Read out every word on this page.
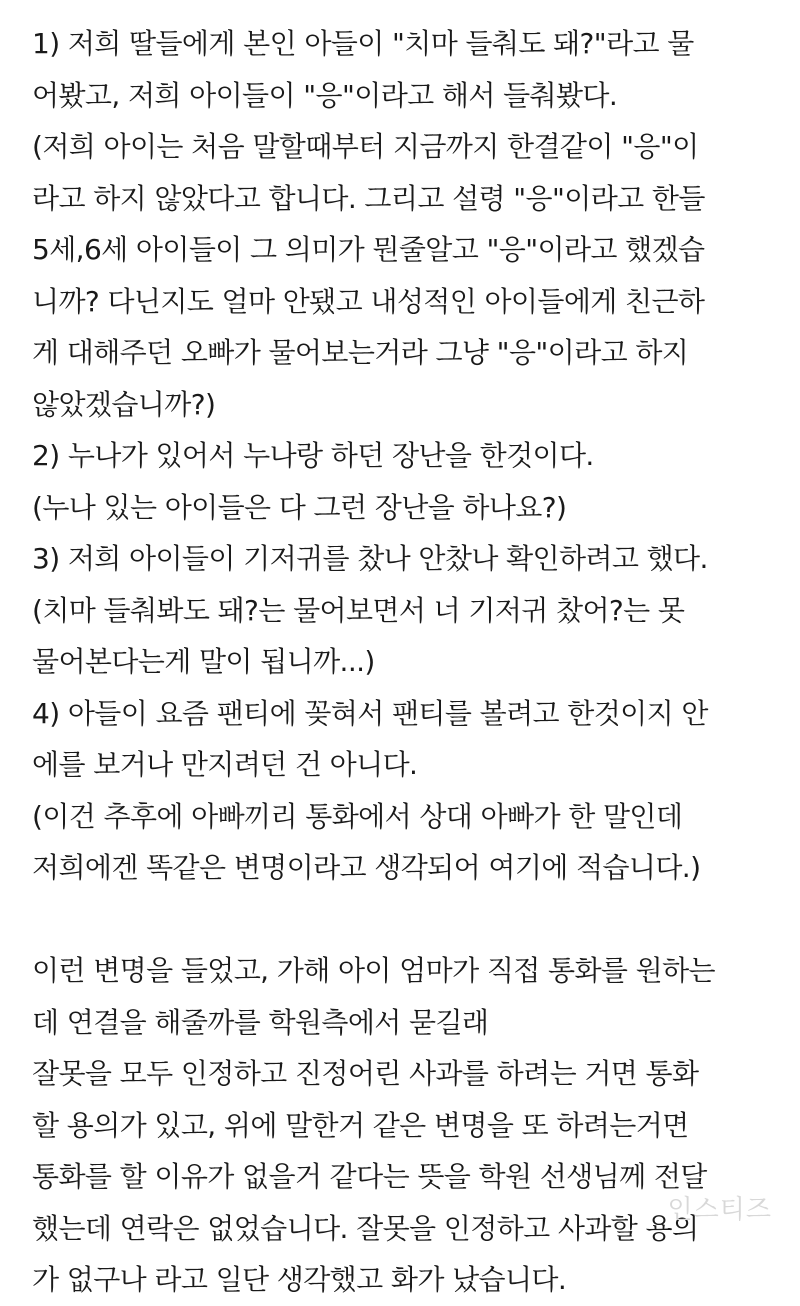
1) 저희 딸들에게 본인 아들이 "치마 들춰도 돼?"라고 물
어봤고, 저희 아이들이 "응"이라고 해서 들춰봤다.
(저희 아이는 처음 말할때부터 지금까지 한결같이 "응"이
라고 하지 않았다고 합니다. 그리고 설령 "응"이라고 한들
5세,6세 아이들이 그 의미가 뭔줄알고 "응"이라고 했겠습
니까? 다닌지도 얼마 안됐고 내성적인 아이들에게 친근하
게 대해주던 오빠가 물어보는거라 그냥 "응"이라고 하지
않았겠습니까?)
2) 누나가 있어서 누나랑 하던 장난을 한것이다.
(누나 있는 아이들은 다 그런 장난을 하나요?)
3) 저희 아이들이 기저귀를 찼나 안찼나 확인하려고 했다.
(치마 들춰봐도 돼?는 물어보면서 너 기저귀 찼어?는 못
물어본다는게 말이 됩니까...)
4) 아들이 요즘 팬티에 꽂혀서 팬티를 볼려고 한것이지 안
에를 보거나 만지려던 건 아니다.
(이건 추후에 아빠끼리 통화에서 상대 아빠가 한 말인데
저희에겐 똑같은 변명이라고 생각되어 여기에 적습니다.)
이런 변명을 들었고, 가해 아이 엄마가 직접 통화를 원하는
데 연결을 해줄까를 학원측에서 묻길래
잘못을 모두 인정하고 진정어린 사과를 하려는 거면 통화
할 용의가 있고, 위에 말한거 같은 변명을 또 하려는거면
통화를 할 이유가 없을거 같다는 뜻을 학원 선생님께 전달
했는데 연락은 없었습니다. 잘못을 인정하고 사과할 용의
가 없구나 라고 일단 생각했고 화가 났습니다.
인스티즈
